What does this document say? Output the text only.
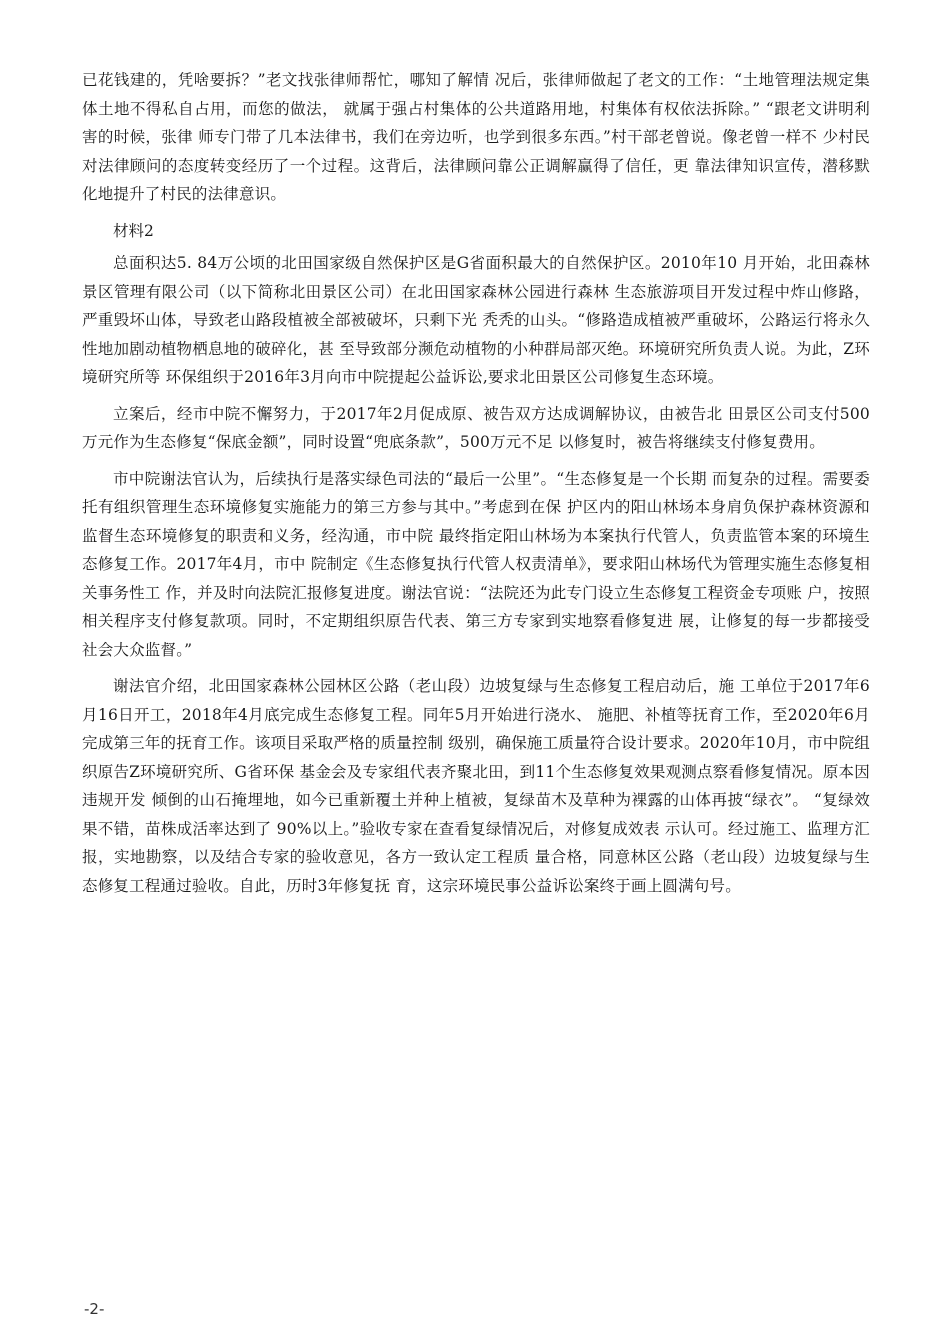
已花钱建的，凭啥要拆？”老文找张律师帮忙，哪知了解情 况后，张律师做起了老文的工作：“土地管理法规定集体土地不得私自占用，而您的做法， 就属于强占村集体的公共道路用地，村集体有权依法拆除。” “跟老文讲明利害的时候，张律 师专门带了几本法律书，我们在旁边听，也学到很多东西。”村干部老曾说。像老曾一样不 少村民对法律顾问的态度转变经历了一个过程。这背后，法律顾问靠公正调解赢得了信任，更 靠法律知识宣传，潜移默化地提升了村民的法律意识。

材料2

总面积达5. 84万公顷的北田国家级自然保护区是G省面积最大的自然保护区。2010年10 月开始，北田森林景区管理有限公司（以下简称北田景区公司）在北田国家森林公园进行森林 生态旅游项目开发过程中炸山修路，严重毁坏山体，导致老山路段植被全部被破坏，只剩下光 秃秃的山头。“修路造成植被严重破坏，公路运行将永久性地加剧动植物栖息地的破碎化，甚 至导致部分濒危动植物的小种群局部灭绝。环境研究所负责人说。为此，Z环境研究所等 环保组织于2016年3月向市中院提起公益诉讼,要求北田景区公司修复生态环境。

立案后，经市中院不懈努力，于2017年2月促成原、被告双方达成调解协议，由被告北 田景区公司支付500万元作为生态修复“保底金额”，同时设置“兜底条款”，500万元不足 以修复时，被告将继续支付修复费用。

市中院谢法官认为，后续执行是落实绿色司法的“最后一公里”。“生态修复是一个长期 而复杂的过程。需要委托有组织管理生态环境修复实施能力的第三方参与其中。”考虑到在保 护区内的阳山林场本身肩负保护森林资源和监督生态环境修复的职责和义务，经沟通，市中院 最终指定阳山林场为本案执行代管人，负责监管本案的环境生态修复工作。2017年4月，市中 院制定《生态修复执行代管人权责清单》，要求阳山林场代为管理实施生态修复相关事务性工 作，并及时向法院汇报修复进度。谢法官说：“法院还为此专门设立生态修复工程资金专项账 户，按照相关程序支付修复款项。同时，不定期组织原告代表、第三方专家到实地察看修复进 展，让修复的每一步都接受社会大众监督。”

谢法官介绍，北田国家森林公园林区公路（老山段）边坡复绿与生态修复工程启动后，施 工单位于2017年6月16日开工，2018年4月底完成生态修复工程。同年5月开始进行浇水、 施肥、补植等抚育工作，至2020年6月完成第三年的抚育工作。该项目采取严格的质量控制 级别，确保施工质量符合设计要求。2020年10月，市中院组织原告Z环境研究所、G省环保 基金会及专家组代表齐聚北田，到11个生态修复效果观测点察看修复情况。原本因违规开发 倾倒的山石掩埋地，如今已重新覆土并种上植被，复绿苗木及草种为裸露的山体再披“绿衣”。 “复绿效果不错，苗株成活率达到了 90%以上。”验收专家在查看复绿情况后，对修复成效表 示认可。经过施工、监理方汇报，实地勘察，以及结合专家的验收意见，各方一致认定工程质 量合格，同意林区公路（老山段）边坡复绿与生态修复工程通过验收。自此，历时3年修复抚 育，这宗环境民事公益诉讼案终于画上圆满句号。

-2-
